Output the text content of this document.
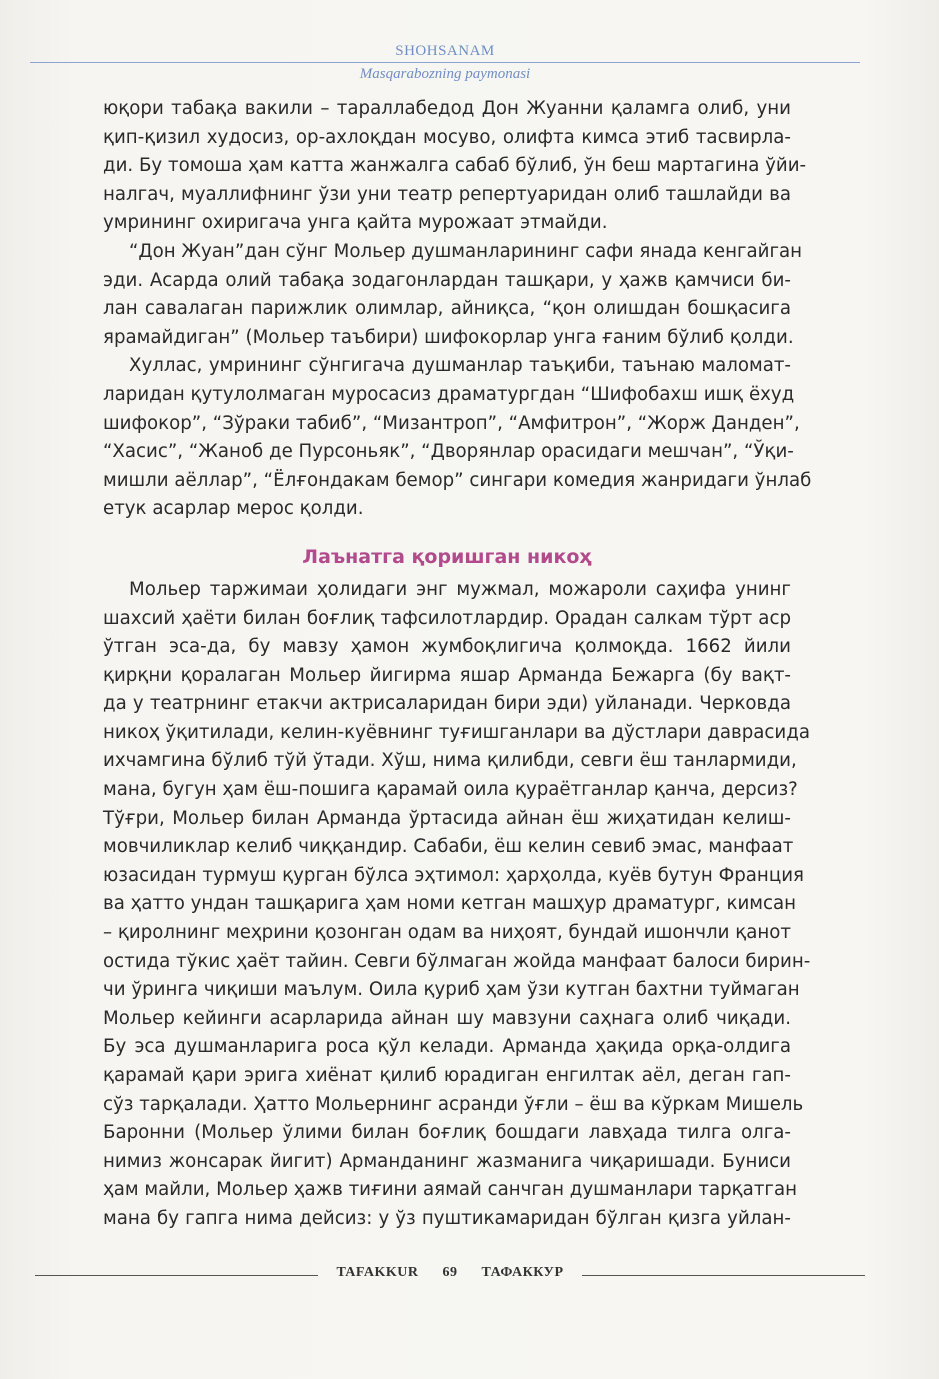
SHOHSANAM
Masqarabozning paymonasi

юқори табақа вакили – тараллабедод Дон Жуанни қаламга олиб, уни
қип-қизил худосиз, ор-ахлоқдан мосуво, олифта кимса этиб тасвирла-
ди. Бу томоша ҳам катта жанжалга сабаб бўлиб, ўн беш мартагина ўйи-
налгач, муаллифнинг ўзи уни театр репертуаридан олиб ташлайди ва
умрининг охиригача унга қайта мурожаат этмайди.

“Дон Жуан”дан сўнг Мольер душманларининг сафи янада кенгайган
эди. Асарда олий табақа зодагонлардан ташқари, у ҳажв қамчиси би-
лан савалаган парижлик олимлар, айниқса, “қон олишдан бошқасига
ярамайдиган” (Мольер таъбири) шифокорлар унга ғаним бўлиб қолди.

Хуллас, умрининг сўнгигача душманлар таъқиби, таънаю маломат-
ларидан қутулолмаган муросасиз драматургдан “Шифобахш ишқ ёхуд
шифокор”, “Зўраки табиб”, “Мизантроп”, “Амфитрон”, “Жорж Данден”,
“Хасис”, “Жаноб де Пурсоньяк”, “Дворянлар орасидаги мешчан”, “Ўқи-
мишли аёллар”, “Ёлғондакам бемор” сингари комедия жанридаги ўнлаб
етук асарлар мерос қолди.

Лаънатга қоришган никоҳ

Мольер таржимаи ҳолидаги энг мужмал, можароли саҳифа унинг
шахсий ҳаёти билан боғлиқ тафсилотлардир. Орадан салкам тўрт аср
ўтган эса-да, бу мавзу ҳамон жумбоқлигича қолмоқда. 1662 йили
қирқни қоралаган Мольер йигирма яшар Арманда Бежарга (бу вақт-
да у театрнинг етакчи актрисаларидан бири эди) уйланади. Черковда
никоҳ ўқитилади, келин-куёвнинг туғишганлари ва дўстлари даврасида
ихчамгина бўлиб тўй ўтади. Хўш, нима қилибди, севги ёш танлармиди,
мана, бугун ҳам ёш-пошига қарамай оила қураётганлар қанча, дерсиз?
Тўғри, Мольер билан Арманда ўртасида айнан ёш жиҳатидан келиш-
мовчиликлар келиб чиққандир. Сабаби, ёш келин севиб эмас, манфаат
юзасидан турмуш қурган бўлса эҳтимол: ҳарҳолда, куёв бутун Франция
ва ҳатто ундан ташқарига ҳам номи кетган машҳур драматург, кимсан
– қиролнинг меҳрини қозонган одам ва ниҳоят, бундай ишончли қанот
остида тўкис ҳаёт тайин. Севги бўлмаган жойда манфаат балоси бирин-
чи ўринга чиқиши маълум. Оила қуриб ҳам ўзи кутган бахтни туймаган
Мольер кейинги асарларида айнан шу мавзуни саҳнага олиб чиқади.
Бу эса душманларига роса қўл келади. Арманда ҳақида орқа-олдига
қарамай қари эрига хиёнат қилиб юрадиган енгилтак аёл, деган гап-
сўз тарқалади. Ҳатто Мольернинг асранди ўғли – ёш ва кўркам Мишель
Баронни (Мольер ўлими билан боғлиқ бошдаги лавҳада тилга олга-
нимиз жонсарак йигит) Арманданинг жазманига чиқаришади. Буниси
ҳам майли, Мольер ҳажв тиғини аямай санчган душманлари тарқатган
мана бу гапга нима дейсиз: у ўз пуштикамаридан бўлган қизга уйлан-

TAFAKKUR 69 ТАФАККУР
